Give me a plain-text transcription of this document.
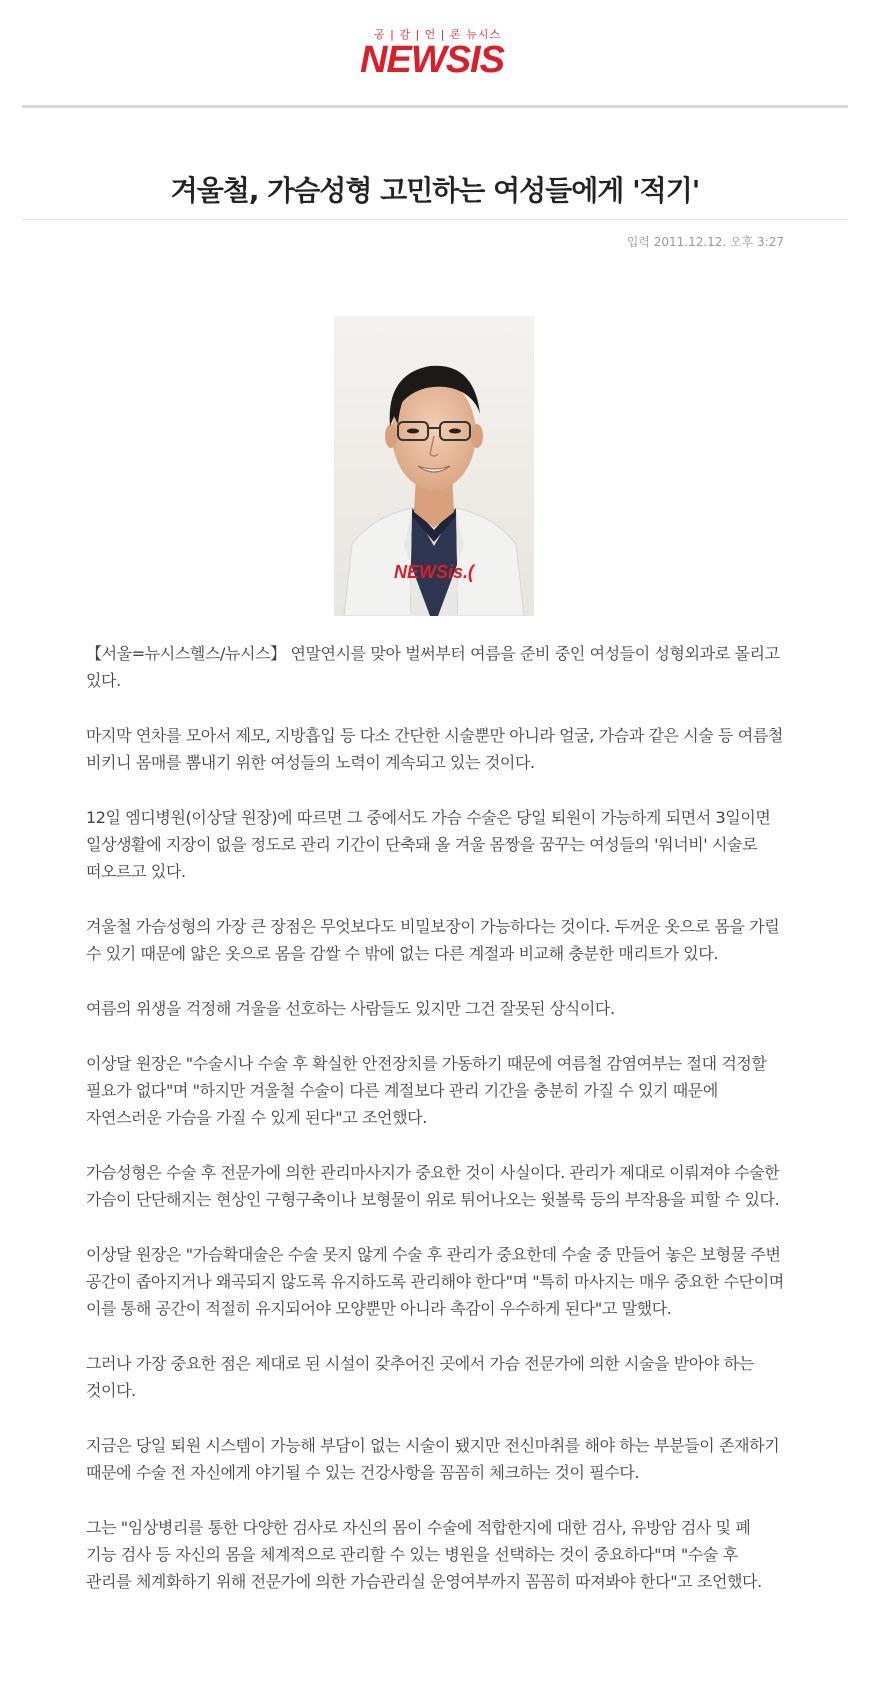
공 | 감 | 언 | 론 뉴시스
NEWSIS
겨울철, 가슴성형 고민하는 여성들에게 '적기'
입력 2011.12.12. 오후 3:27
NEWSis.(

【서울=뉴시스헬스/뉴시스】 연말연시를 맞아 벌써부터 여름을 준비 중인 여성들이 성형외과로 몰리고 있다.

마지막 연차를 모아서 제모, 지방흡입 등 다소 간단한 시술뿐만 아니라 얼굴, 가슴과 같은 시술 등 여름철 비키니 몸매를 뽐내기 위한 여성들의 노력이 계속되고 있는 것이다.

12일 엠디병원(이상달 원장)에 따르면 그 중에서도 가슴 수술은 당일 퇴원이 가능하게 되면서 3일이면 일상생활에 지장이 없을 정도로 관리 기간이 단축돼 올 겨울 몸짱을 꿈꾸는 여성들의 '워너비' 시술로 떠오르고 있다.

겨울철 가슴성형의 가장 큰 장점은 무엇보다도 비밀보장이 가능하다는 것이다. 두꺼운 옷으로 몸을 가릴 수 있기 때문에 얇은 옷으로 몸을 감쌀 수 밖에 없는 다른 계절과 비교해 충분한 매리트가 있다.

여름의 위생을 걱정해 겨울을 선호하는 사람들도 있지만 그건 잘못된 상식이다.

이상달 원장은 "수술시나 수술 후 확실한 안전장치를 가동하기 때문에 여름철 감염여부는 절대 걱정할 필요가 없다"며 "하지만 겨울철 수술이 다른 계절보다 관리 기간을 충분히 가질 수 있기 때문에 자연스러운 가슴을 가질 수 있게 된다"고 조언했다.

가슴성형은 수술 후 전문가에 의한 관리마사지가 중요한 것이 사실이다. 관리가 제대로 이뤄져야 수술한 가슴이 단단해지는 현상인 구형구축이나 보형물이 위로 튀어나오는 윗볼룩 등의 부작용을 피할 수 있다.

이상달 원장은 "가슴확대술은 수술 못지 않게 수술 후 관리가 중요한데 수술 중 만들어 놓은 보형물 주변 공간이 좁아지거나 왜곡되지 않도록 유지하도록 관리해야 한다"며 "특히 마사지는 매우 중요한 수단이며 이를 통해 공간이 적절히 유지되어야 모양뿐만 아니라 촉감이 우수하게 된다"고 말했다.

그러나 가장 중요한 점은 제대로 된 시설이 갖추어진 곳에서 가슴 전문가에 의한 시술을 받아야 하는 것이다.

지금은 당일 퇴원 시스템이 가능해 부담이 없는 시술이 됐지만 전신마취를 해야 하는 부분들이 존재하기 때문에 수술 전 자신에게 야기될 수 있는 건강사항을 꼼꼼히 체크하는 것이 필수다.

그는 "임상병리를 통한 다양한 검사로 자신의 몸이 수술에 적합한지에 대한 검사, 유방암 검사 및 폐 기능 검사 등 자신의 몸을 체계적으로 관리할 수 있는 병원을 선택하는 것이 중요하다"며 "수술 후 관리를 체계화하기 위해 전문가에 의한 가슴관리실 운영여부까지 꼼꼼히 따져봐야 한다"고 조언했다.
